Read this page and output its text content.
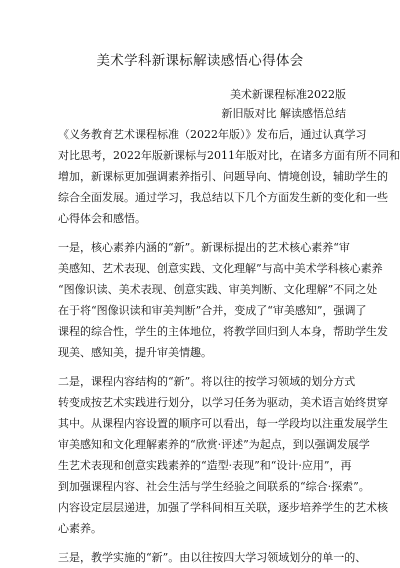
美术学科新课标解读感悟心得体会
美术新课程标准2022版
新旧版对比 解读感悟总结
《义务教育艺术课程标准（2022年版）》发布后，通过认真学习
对比思考，2022年版新课标与2011年版对比，在诸多方面有所不同和
增加，新课标更加强调素养指引、问题导向、情境创设，辅助学生的
综合全面发展。通过学习，我总结以下几个方面发生新的变化和一些
心得体会和感悟。
一是，核心素养内涵的“新”。新课标提出的艺术核心素养“审
美感知、艺术表现、创意实践、文化理解”与高中美术学科核心素养
“图像识读、美术表现、创意实践、审美判断、文化理解”不同之处
在于将“图像识读和审美判断”合并，变成了“审美感知”，强调了
课程的综合性，学生的主体地位，将教学回归到人本身，帮助学生发
现美、感知美，提升审美情趣。
二是，课程内容结构的“新”。将以往的按学习领域的划分方式
转变成按艺术实践进行划分，以学习任务为驱动，美术语言始终贯穿
其中。从课程内容设置的顺序可以看出，每一学段均以注重发展学生
审美感知和文化理解素养的“欣赏·评述”为起点，到以强调发展学
生艺术表现和创意实践素养的“造型·表现”和“设计·应用”，再
到加强课程内容、社会生活与学生经验之间联系的“综合·探索”。
内容设定层层递进，加强了学科间相互关联，逐步培养学生的艺术核
心素养。
三是，教学实施的“新”。由以往按四大学习领域划分的单一的、
